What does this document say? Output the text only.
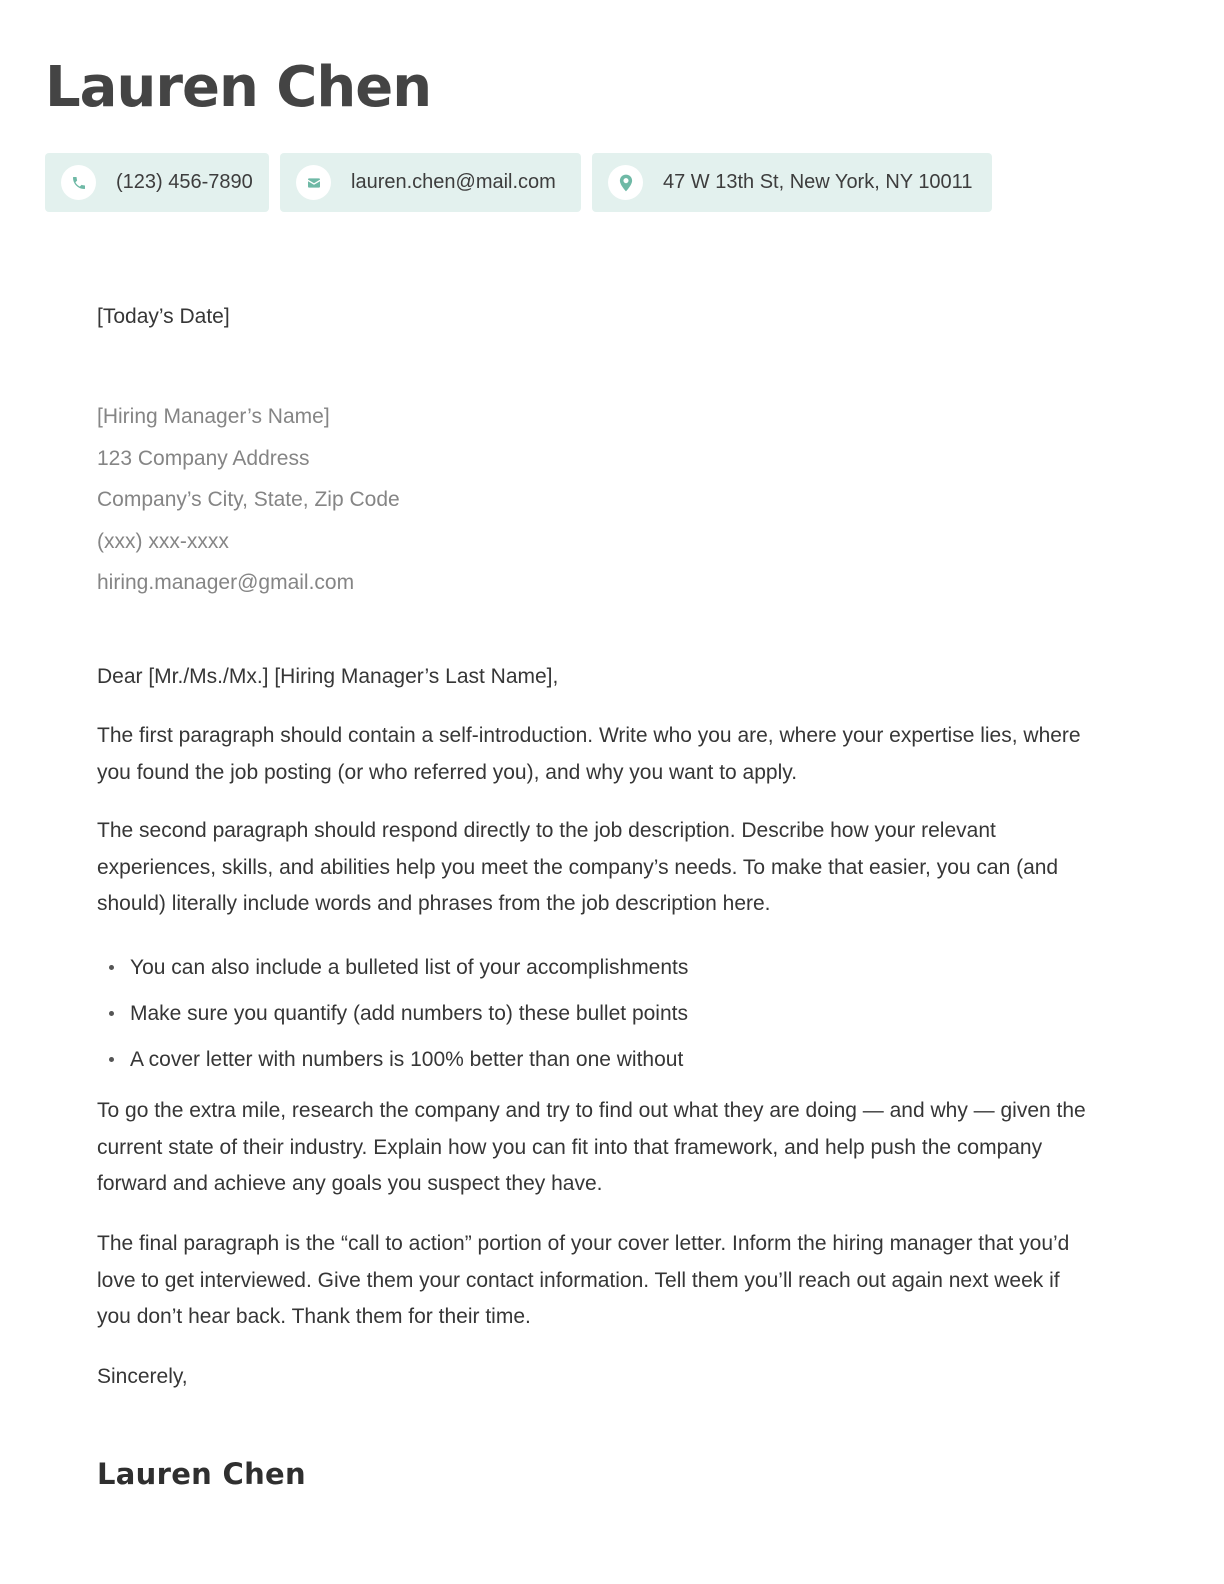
Lauren Chen
(123) 456-7890	lauren.chen@mail.com	47 W 13th St, New York, NY 10011
[Today’s Date]
[Hiring Manager’s Name]
123 Company Address
Company’s City, State, Zip Code
(xxx) xxx-xxxx
hiring.manager@gmail.com
Dear [Mr./Ms./Mx.] [Hiring Manager’s Last Name],

The first paragraph should contain a self-introduction. Write who you are, where your expertise lies, where you found the job posting (or who referred you), and why you want to apply.

The second paragraph should respond directly to the job description. Describe how your relevant experiences, skills, and abilities help you meet the company’s needs. To make that easier, you can (and should) literally include words and phrases from the job description here.

You can also include a bulleted list of your accomplishments
Make sure you quantify (add numbers to) these bullet points
A cover letter with numbers is 100% better than one without

To go the extra mile, research the company and try to find out what they are doing — and why — given the current state of their industry. Explain how you can fit into that framework, and help push the company forward and achieve any goals you suspect they have.

The final paragraph is the “call to action” portion of your cover letter. Inform the hiring manager that you’d love to get interviewed. Give them your contact information. Tell them you’ll reach out again next week if you don’t hear back. Thank them for their time.

Sincerely,
Lauren Chen
